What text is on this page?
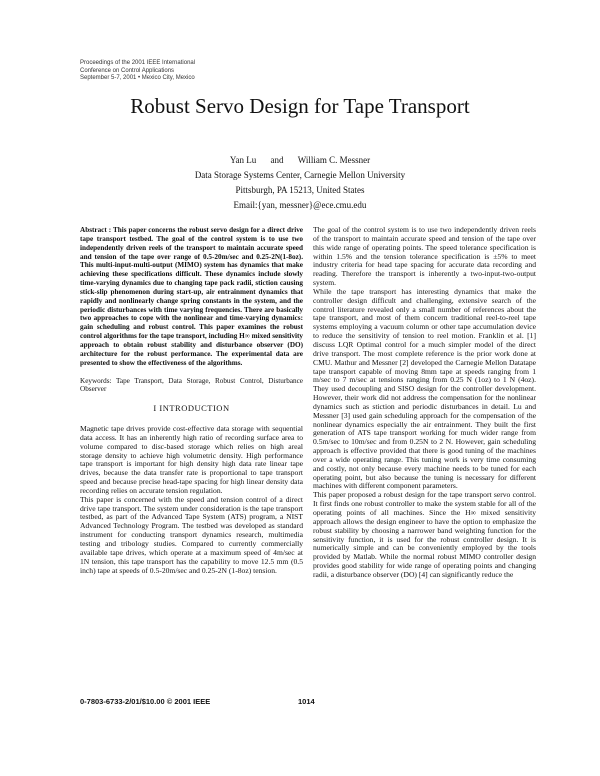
Proceedings of the 2001 IEEE International
Conference on Control Applications
September 5-7, 2001 • Mexico City, Mexico
Robust Servo Design for Tape Transport
Yan Lu and William C. Messner
Data Storage Systems Center, Carnegie Mellon University
Pittsburgh, PA 15213, United States
Email:{yan, messner}@ece.cmu.edu

Abstract : This paper concerns the robust servo design for a direct drive tape transport testbed. The goal of the control system is to use two independently driven reels of the transport to maintain accurate speed and tension of the tape over range of 0.5-20m/sec and 0.25-2N(1-8oz). This multi-input-multi-output (MIMO) system has dynamics that make achieving these specifications difficult. These dynamics include slowly time-varying dynamics due to changing tape pack radii, stiction causing stick-slip phenomenon during start-up, air entrainment dynamics that rapidly and nonlinearly change spring constants in the system, and the periodic disturbances with time varying frequencies. There are basically two approaches to cope with the nonlinear and time-varying dynamics: gain scheduling and robust control. This paper examines the robust control algorithms for the tape transport, including H∞ mixed sensitivity approach to obtain robust stability and disturbance observer (DO) architecture for the robust performance. The experimental data are presented to show the effectiveness of the algorithms.

Keywords: Tape Transport, Data Storage, Robust Control, Disturbance Observer

I INTRODUCTION

Magnetic tape drives provide cost-effective data storage with sequential data access. It has an inherently high ratio of recording surface area to volume compared to disc-based storage which relies on high areal storage density to achieve high volumetric density. High performance tape transport is important for high density high data rate linear tape drives, because the data transfer rate is proportional to tape transport speed and because precise head-tape spacing for high linear density data recording relies on accurate tension regulation.

This paper is concerned with the speed and tension control of a direct drive tape transport. The system under consideration is the tape transport testbed, as part of the Advanced Tape System (ATS) program, a NIST Advanced Technology Program. The testbed was developed as standard instrument for conducting transport dynamics research, multimedia testing and tribology studies. Compared to currently commercially available tape drives, which operate at a maximum speed of 4m/sec at 1N tension, this tape transport has the capability to move 12.5 mm (0.5 inch) tape at speeds of 0.5-20m/sec and 0.25-2N (1-8oz) tension.

The goal of the control system is to use two independently driven reels of the transport to maintain accurate speed and tension of the tape over this wide range of operating points. The speed tolerance specification is within 1.5% and the tension tolerance specification is ±5% to meet industry criteria for head tape spacing for accurate data recording and reading. Therefore the transport is inherently a two-input-two-output system.

While the tape transport has interesting dynamics that make the controller design difficult and challenging, extensive search of the control literature revealed only a small number of references about the tape transport, and most of them concern traditional reel-to-reel tape systems employing a vacuum column or other tape accumulation device to reduce the sensitivity of tension to reel motion. Franklin et al. [1] discuss LQR Optimal control for a much simpler model of the direct drive transport. The most complete reference is the prior work done at CMU. Mathur and Messner [2] developed the Carnegie Mellon Datatape tape transport capable of moving 8mm tape at speeds ranging from 1 m/sec to 7 m/sec at tensions ranging from 0.25 N (1oz) to 1 N (4oz). They used decoupling and SISO design for the controller development. However, their work did not address the compensation for the nonlinear dynamics such as stiction and periodic disturbances in detail. Lu and Messner [3] used gain scheduling approach for the compensation of the nonlinear dynamics especially the air entrainment. They built the first generation of ATS tape transport working for much wider range from 0.5m/sec to 10m/sec and from 0.25N to 2 N. However, gain scheduling approach is effective provided that there is good tuning of the machines over a wide operating range. This tuning work is very time consuming and costly, not only because every machine needs to be tuned for each operating point, but also because the tuning is necessary for different machines with different component parameters.

This paper proposed a robust design for the tape transport servo control. It first finds one robust controller to make the system stable for all of the operating points of all machines. Since the H∞ mixed sensitivity approach allows the design engineer to have the option to emphasize the robust stability by choosing a narrower band weighting function for the sensitivity function, it is used for the robust controller design. It is numerically simple and can be conveniently employed by the tools provided by Matlab. While the normal robust MIMO controller design provides good stability for wide range of operating points and changing radii, a disturbance observer (DO) [4] can significantly reduce the

0-7803-6733-2/01/$10.00 © 2001 IEEE	1014
